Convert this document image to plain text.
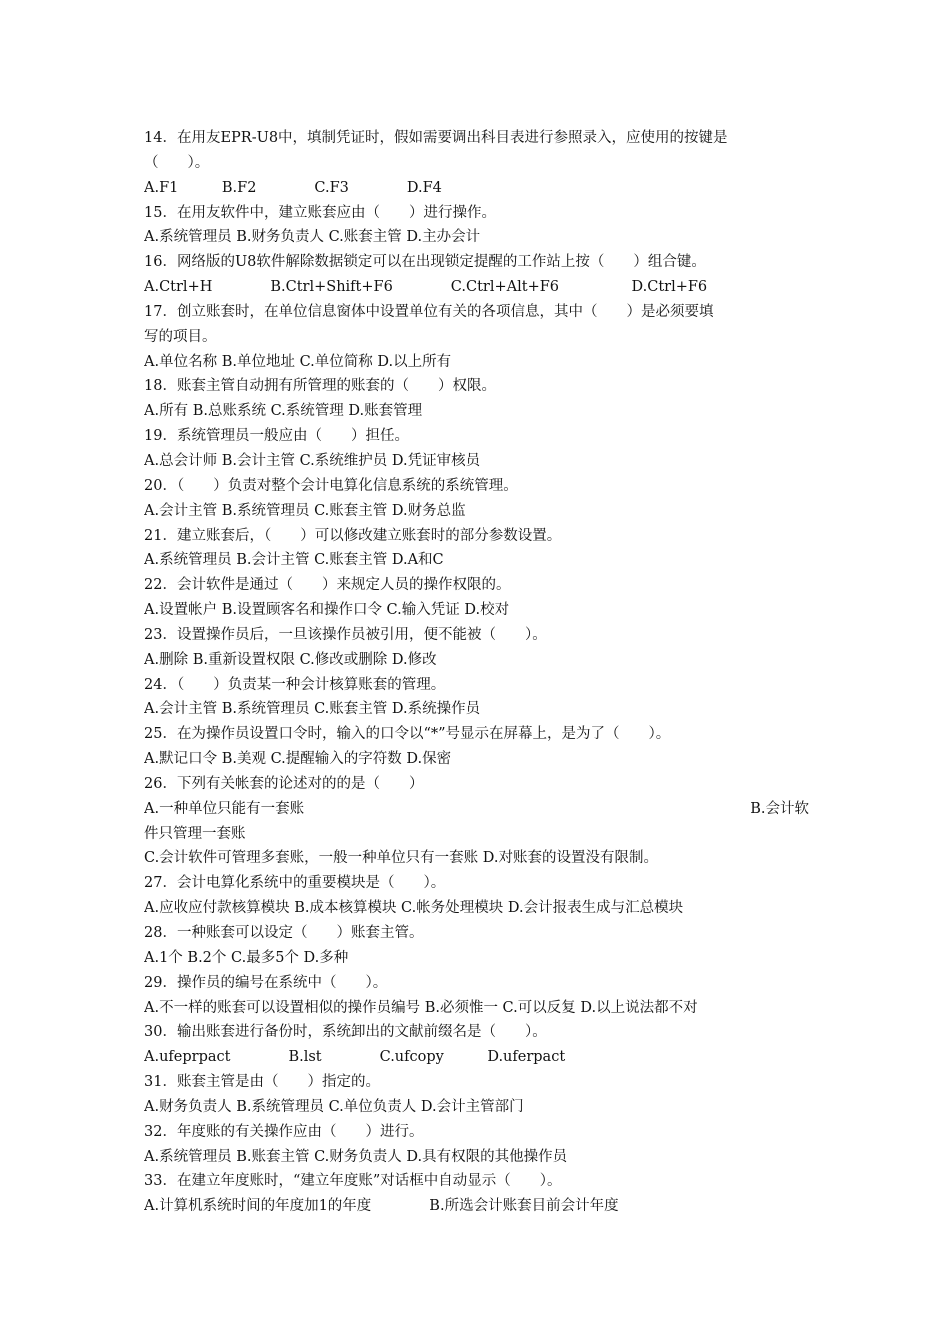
14．在用友EPR-U8中，填制凭证时，假如需要调出科目表进行参照录入，应使用的按键是
（　　）。
A.F1　　　B.F2　　　　C.F3　　　　D.F4
15．在用友软件中，建立账套应由（　　）进行操作。
A.系统管理员 B.财务负责人 C.账套主管 D.主办会计
16．网络版的U8软件解除数据锁定可以在出现锁定提醒的工作站上按（　　）组合键。
A.Ctrl+H　　　　B.Ctrl+Shift+F6　　　　C.Ctrl+Alt+F6　　　　　D.Ctrl+F6
17．创立账套时，在单位信息窗体中设置单位有关的各项信息，其中（　　）是必须要填
写的项目。
A.单位名称 B.单位地址 C.单位简称 D.以上所有
18．账套主管自动拥有所管理的账套的（　　）权限。
A.所有 B.总账系统 C.系统管理 D.账套管理
19．系统管理员一般应由（　　）担任。
A.总会计师 B.会计主管 C.系统维护员 D.凭证审核员
20．（　　）负责对整个会计电算化信息系统的系统管理。
A.会计主管 B.系统管理员 C.账套主管 D.财务总监
21．建立账套后，（　　）可以修改建立账套时的部分参数设置。
A.系统管理员 B.会计主管 C.账套主管 D.A和C
22．会计软件是通过（　　）来规定人员的操作权限的。
A.设置帐户 B.设置顾客名和操作口令 C.输入凭证 D.校对
23．设置操作员后，一旦该操作员被引用，便不能被（　　）。
A.删除 B.重新设置权限 C.修改或删除 D.修改
24．（　　）负责某一种会计核算账套的管理。
A.会计主管 B.系统管理员 C.账套主管 D.系统操作员
25．在为操作员设置口令时，输入的口令以“*”号显示在屏幕上，是为了（　　）。
A.默记口令 B.美观 C.提醒输入的字符数 D.保密
26．下列有关帐套的论述对的的是（　　）
A.一种单位只能有一套账	B.会计软
件只管理一套账
C.会计软件可管理多套账，一般一种单位只有一套账 D.对账套的设置没有限制。
27．会计电算化系统中的重要模块是（　　）。
A.应收应付款核算模块 B.成本核算模块 C.帐务处理模块 D.会计报表生成与汇总模块
28．一种账套可以设定（　　）账套主管。
A.1个 B.2个 C.最多5个 D.多种
29．操作员的编号在系统中（　　）。
A.不一样的账套可以设置相似的操作员编号 B.必须惟一 C.可以反复 D.以上说法都不对
30．输出账套进行备份时，系统卸出的文献前缀名是（　　）。
A.ufeprpact　　　　B.lst　　　　C.ufcopy　　　D.uferpact
31．账套主管是由（　　）指定的。
A.财务负责人 B.系统管理员 C.单位负责人 D.会计主管部门
32．年度账的有关操作应由（　　）进行。
A.系统管理员 B.账套主管 C.财务负责人 D.具有权限的其他操作员
33．在建立年度账时，“建立年度账”对话框中自动显示（　　）。
A.计算机系统时间的年度加1的年度　　　　B.所选会计账套目前会计年度
